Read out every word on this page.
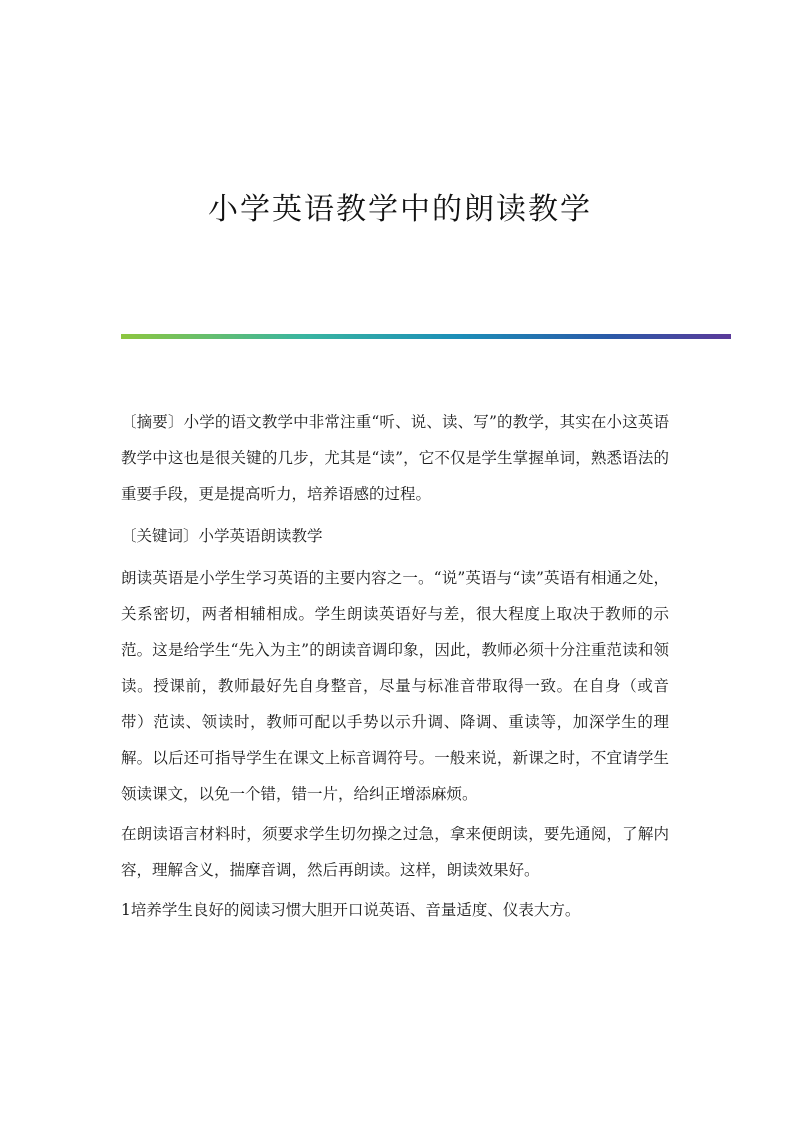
小学英语教学中的朗读教学

〔摘要〕小学的语文教学中非常注重“听、说、读、写”的教学，其实在小这英语教学中这也是很关键的几步，尤其是“读”，它不仅是学生掌握单词，熟悉语法的重要手段，更是提高听力，培养语感的过程。

〔关键词〕小学英语朗读教学

朗读英语是小学生学习英语的主要内容之一。“说”英语与“读”英语有相通之处，关系密切，两者相辅相成。学生朗读英语好与差，很大程度上取决于教师的示范。这是给学生“先入为主”的朗读音调印象，因此，教师必须十分注重范读和领读。授课前，教师最好先自身整音，尽量与标准音带取得一致。在自身（或音带）范读、领读时，教师可配以手势以示升调、降调、重读等，加深学生的理解。以后还可指导学生在课文上标音调符号。一般来说，新课之时，不宜请学生领读课文，以免一个错，错一片，给纠正增添麻烦。

在朗读语言材料时，须要求学生切勿操之过急，拿来便朗读，要先通阅，了解内容，理解含义，揣摩音调，然后再朗读。这样，朗读效果好。

1培养学生良好的阅读习惯大胆开口说英语、音量适度、仪表大方。
